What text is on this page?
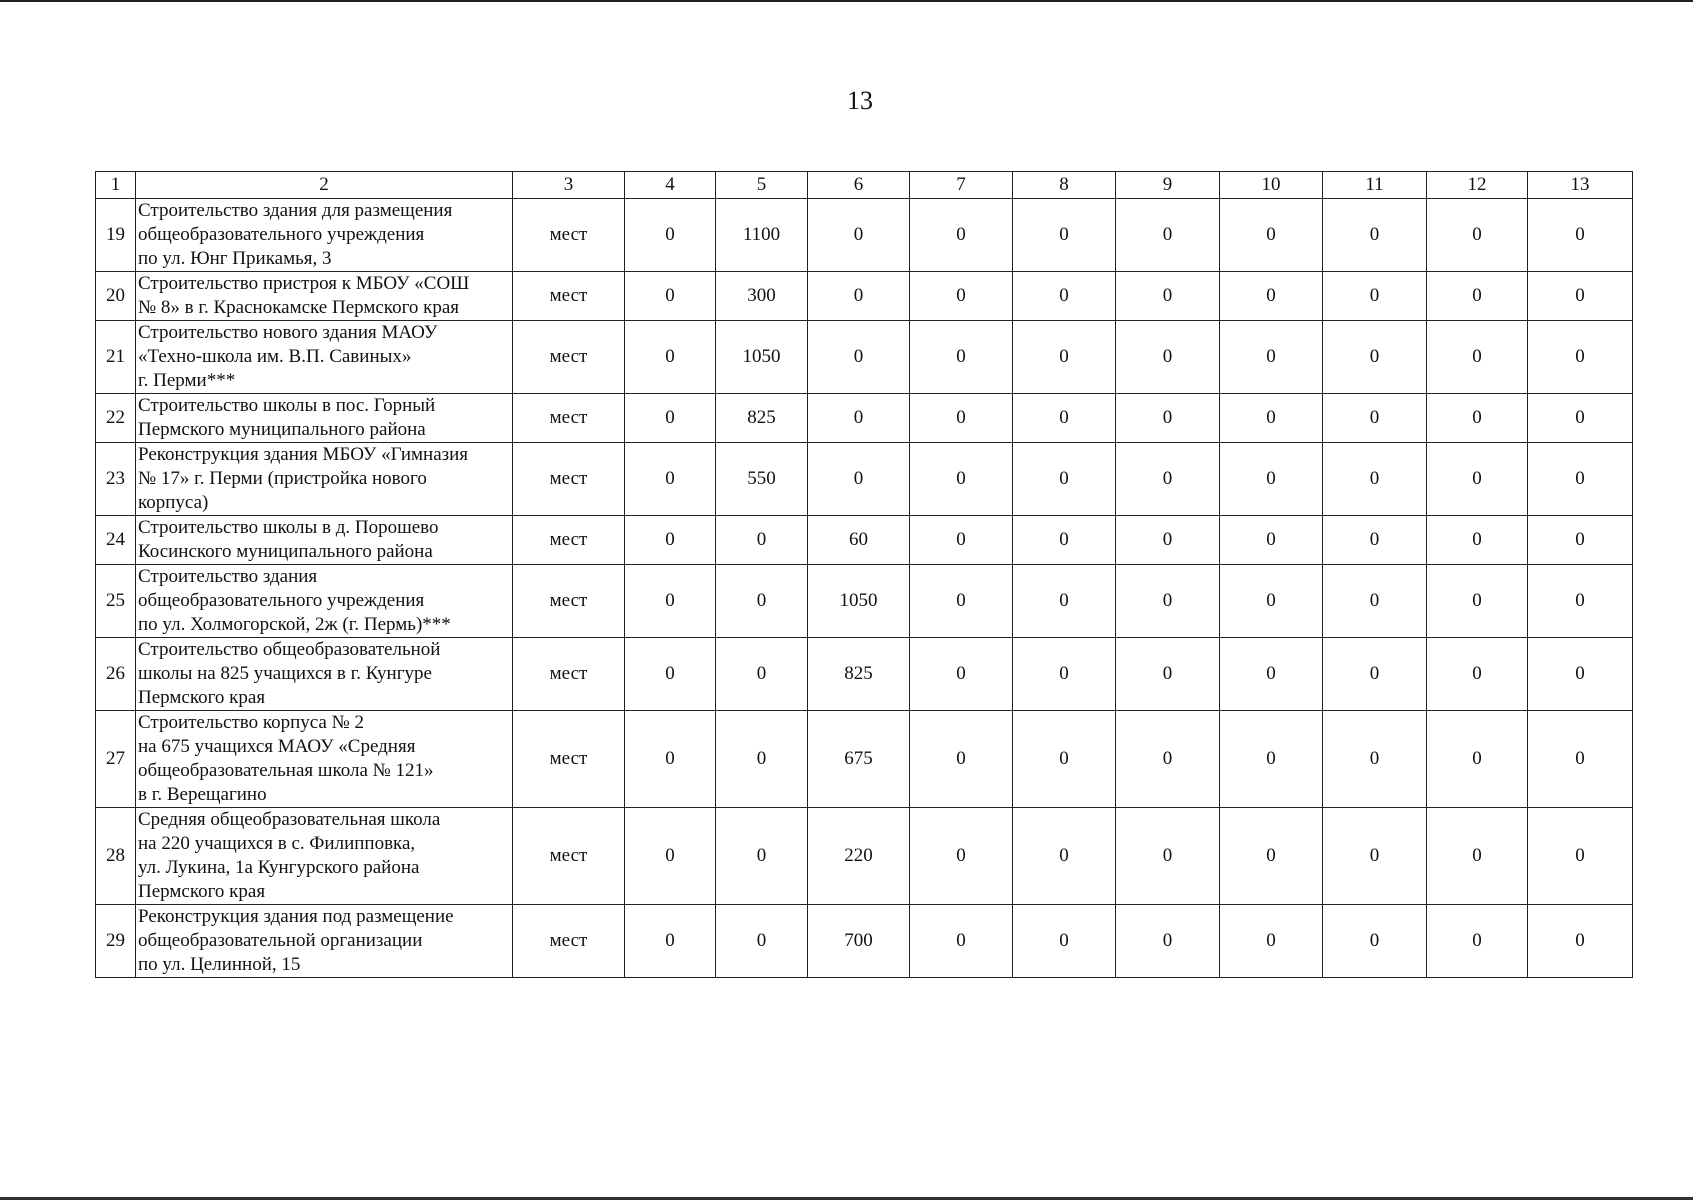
13
1	2	3	4	5	6	7	8	9	10	11	12	13
19	Строительство здания для размещения
общеобразовательного учреждения
по ул. Юнг Прикамья, 3	мест	0	1100	0	0	0	0	0	0	0	0
20	Строительство пристроя к МБОУ «СОШ
№ 8» в г. Краснокамске Пермского края	мест	0	300	0	0	0	0	0	0	0	0
21	Строительство нового здания МАОУ
«Техно-школа им. В.П. Савиных»
г. Перми***	мест	0	1050	0	0	0	0	0	0	0	0
22	Строительство школы в пос. Горный
Пермского муниципального района	мест	0	825	0	0	0	0	0	0	0	0
23	Реконструкция здания МБОУ «Гимназия
№ 17» г. Перми (пристройка нового
корпуса)	мест	0	550	0	0	0	0	0	0	0	0
24	Строительство школы в д. Порошево
Косинского муниципального района	мест	0	0	60	0	0	0	0	0	0	0
25	Строительство здания
общеобразовательного учреждения
по ул. Холмогорской, 2ж (г. Пермь)***	мест	0	0	1050	0	0	0	0	0	0	0
26	Строительство общеобразовательной
школы на 825 учащихся в г. Кунгуре
Пермского края	мест	0	0	825	0	0	0	0	0	0	0
27	Строительство корпуса № 2
на 675 учащихся МАОУ «Средняя
общеобразовательная школа № 121»
в г. Верещагино	мест	0	0	675	0	0	0	0	0	0	0
28	Средняя общеобразовательная школа
на 220 учащихся в с. Филипповка,
ул. Лукина, 1а Кунгурского района
Пермского края	мест	0	0	220	0	0	0	0	0	0	0
29	Реконструкция здания под размещение
общеобразовательной организации
по ул. Целинной, 15	мест	0	0	700	0	0	0	0	0	0	0
